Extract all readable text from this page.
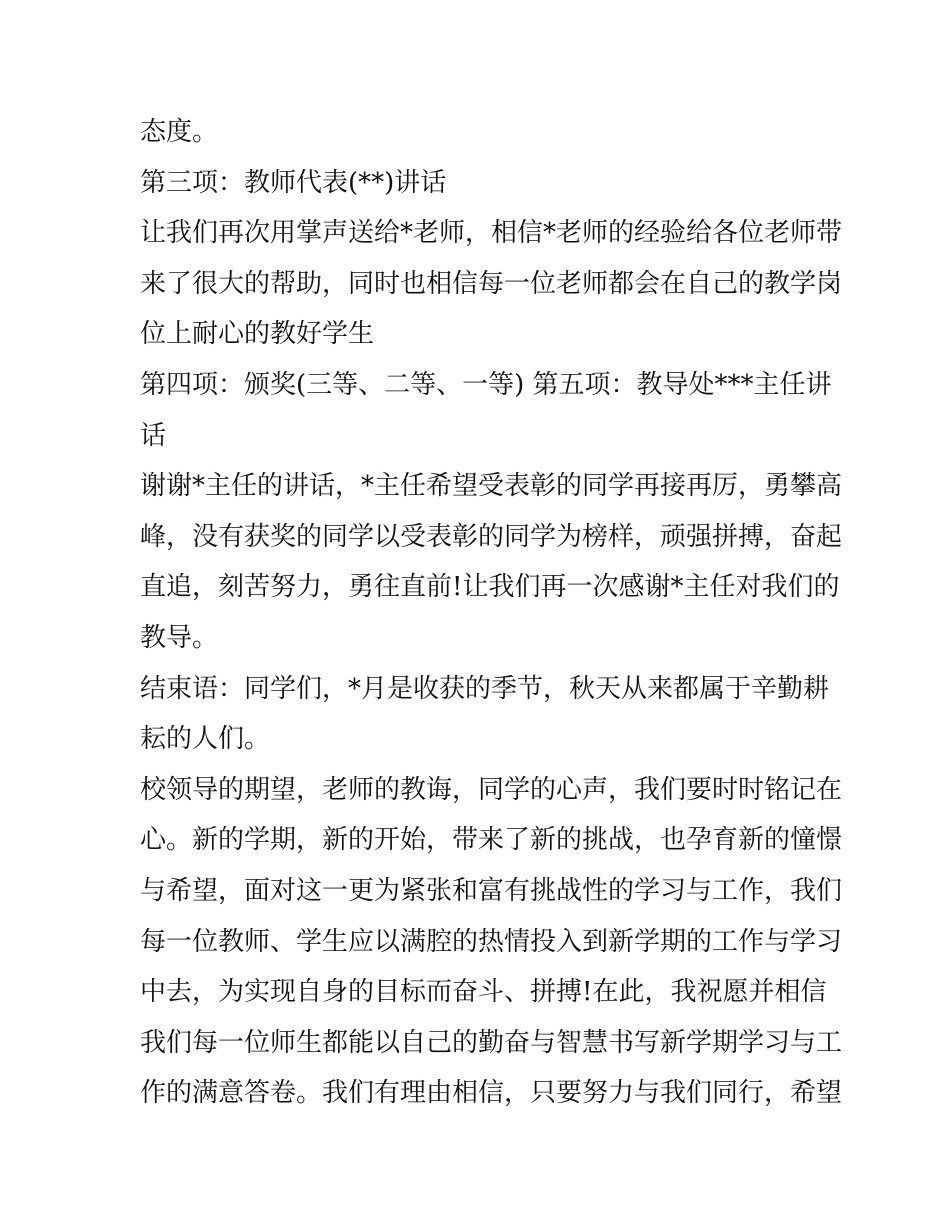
态度。
第三项：教师代表(**)讲话
让我们再次用掌声送给*老师，相信*老师的经验给各位老师带
来了很大的帮助，同时也相信每一位老师都会在自己的教学岗
位上耐心的教好学生
第四项：颁奖(三等、二等、一等) 第五项：教导处***主任讲
话
谢谢*主任的讲话，*主任希望受表彰的同学再接再厉，勇攀高
峰，没有获奖的同学以受表彰的同学为榜样，顽强拼搏，奋起
直追，刻苦努力，勇往直前!让我们再一次感谢*主任对我们的
教导。
结束语：同学们，*月是收获的季节，秋天从来都属于辛勤耕
耘的人们。
校领导的期望，老师的教诲，同学的心声，我们要时时铭记在
心。新的学期，新的开始，带来了新的挑战，也孕育新的憧憬
与希望，面对这一更为紧张和富有挑战性的学习与工作，我们
每一位教师、学生应以满腔的热情投入到新学期的工作与学习
中去，为实现自身的目标而奋斗、拼搏!在此，我祝愿并相信
我们每一位师生都能以自己的勤奋与智慧书写新学期学习与工
作的满意答卷。我们有理由相信，只要努力与我们同行，希望
